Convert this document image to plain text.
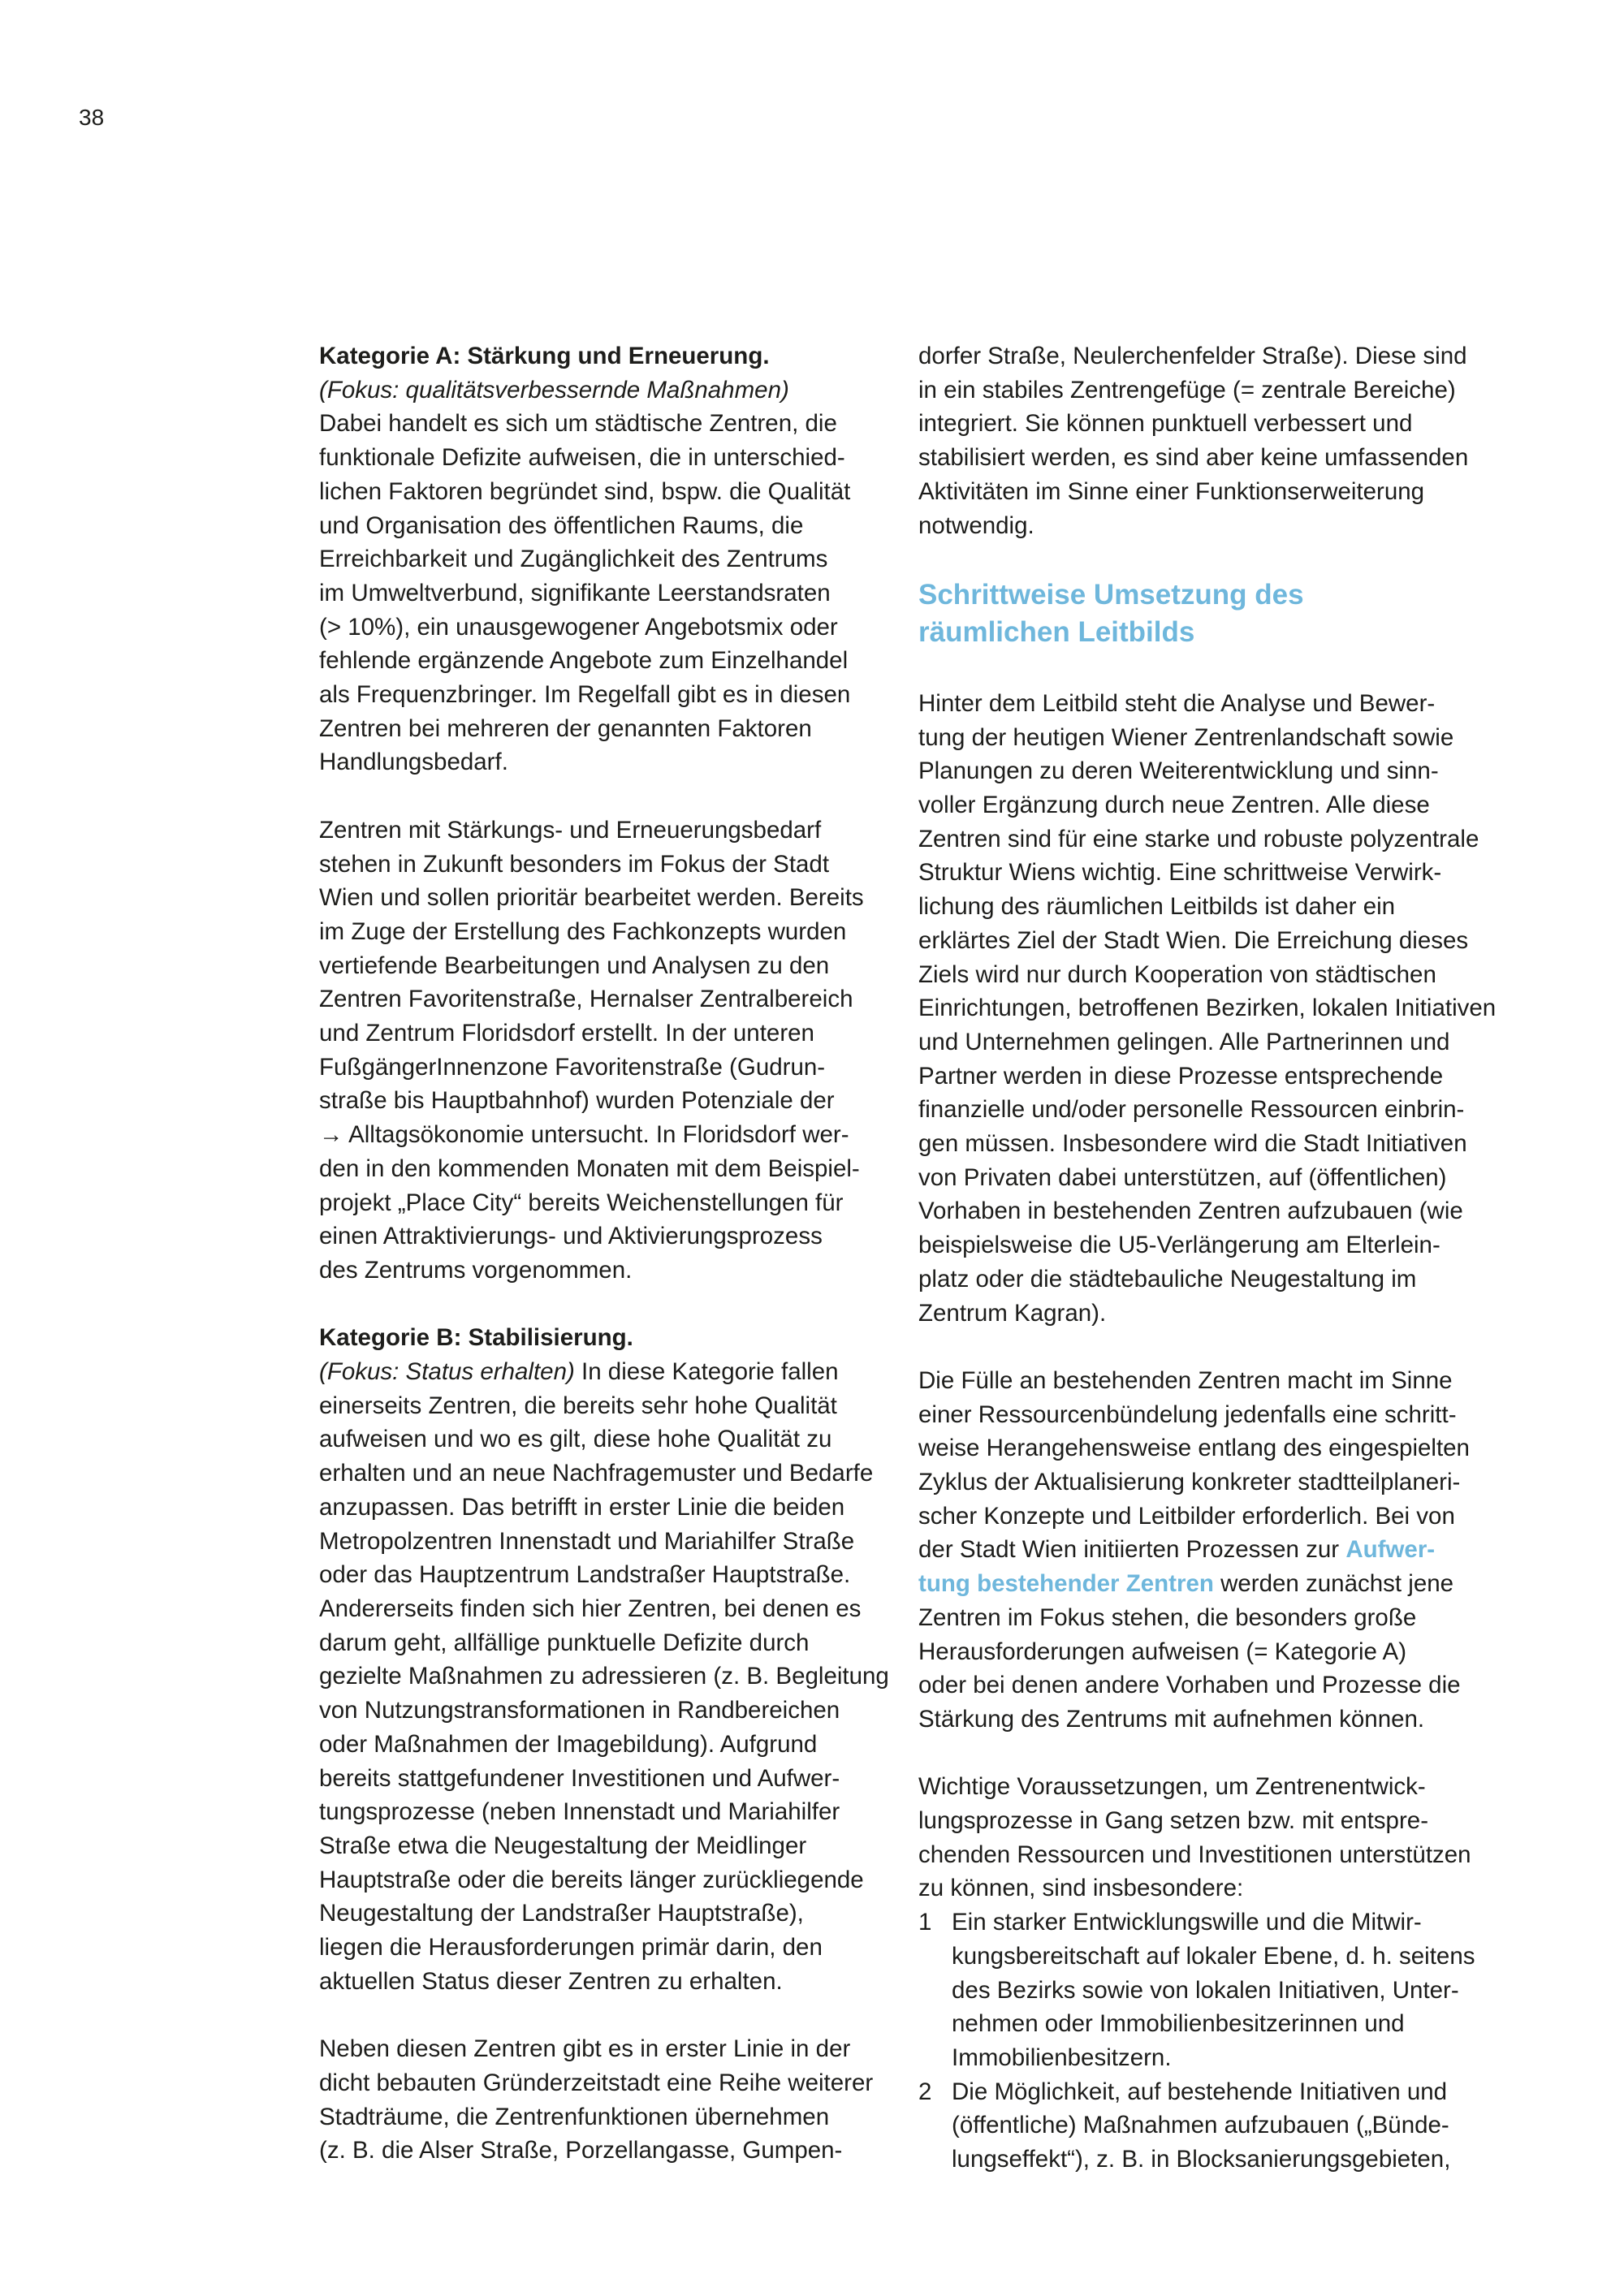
38

Kategorie A: Stärkung und Erneuerung.
(Fokus: qualitätsverbessernde Maßnahmen)
Dabei handelt es sich um städtische Zentren, die
funktionale Defizite aufweisen, die in unterschied-
lichen Faktoren begründet sind, bspw. die Qualität
und Organisation des öffentlichen Raums, die
Erreichbarkeit und Zugänglichkeit des Zentrums
im Umweltverbund, signifikante Leerstandsraten
(> 10%), ein unausgewogener Angebotsmix oder
fehlende ergänzende Angebote zum Einzelhandel
als Frequenzbringer. Im Regelfall gibt es in diesen
Zentren bei mehreren der genannten Faktoren
Handlungsbedarf.

Zentren mit Stärkungs- und Erneuerungsbedarf
stehen in Zukunft besonders im Fokus der Stadt
Wien und sollen prioritär bearbeitet werden. Bereits
im Zuge der Erstellung des Fachkonzepts wurden
vertiefende Bearbeitungen und Analysen zu den
Zentren Favoritenstraße, Hernalser Zentralbereich
und Zentrum Floridsdorf erstellt. In der unteren
FußgängerInnenzone Favoritenstraße (Gudrun-
straße bis Hauptbahnhof) wurden Potenziale der
→ Alltagsökonomie untersucht. In Floridsdorf wer-
den in den kommenden Monaten mit dem Beispiel-
projekt „Place City“ bereits Weichenstellungen für
einen Attraktivierungs- und Aktivierungsprozess
des Zentrums vorgenommen.

Kategorie B: Stabilisierung.
(Fokus: Status erhalten) In diese Kategorie fallen
einerseits Zentren, die bereits sehr hohe Qualität
aufweisen und wo es gilt, diese hohe Qualität zu
erhalten und an neue Nachfragemuster und Bedarfe
anzupassen. Das betrifft in erster Linie die beiden
Metropolzentren Innenstadt und Mariahilfer Straße
oder das Hauptzentrum Landstraßer Hauptstraße.
Andererseits finden sich hier Zentren, bei denen es
darum geht, allfällige punktuelle Defizite durch
gezielte Maßnahmen zu adressieren (z. B. Begleitung
von Nutzungstransformationen in Randbereichen
oder Maßnahmen der Imagebildung). Aufgrund
bereits stattgefundener Investitionen und Aufwer-
tungsprozesse (neben Innenstadt und Mariahilfer
Straße etwa die Neugestaltung der Meidlinger
Hauptstraße oder die bereits länger zurückliegende
Neugestaltung der Landstraßer Hauptstraße),
liegen die Herausforderungen primär darin, den
aktuellen Status dieser Zentren zu erhalten.

Neben diesen Zentren gibt es in erster Linie in der
dicht bebauten Gründerzeitstadt eine Reihe weiterer
Stadträume, die Zentrenfunktionen übernehmen
(z. B. die Alser Straße, Porzellangasse, Gumpen-

dorfer Straße, Neulerchenfelder Straße). Diese sind
in ein stabiles Zentrengefüge (= zentrale Bereiche)
integriert. Sie können punktuell verbessert und
stabilisiert werden, es sind aber keine umfassenden
Aktivitäten im Sinne einer Funktionserweiterung
notwendig.

Schrittweise Umsetzung des
räumlichen Leitbilds

Hinter dem Leitbild steht die Analyse und Bewer-
tung der heutigen Wiener Zentrenlandschaft sowie
Planungen zu deren Weiterentwicklung und sinn-
voller Ergänzung durch neue Zentren. Alle diese
Zentren sind für eine starke und robuste polyzentrale
Struktur Wiens wichtig. Eine schrittweise Verwirk-
lichung des räumlichen Leitbilds ist daher ein
erklärtes Ziel der Stadt Wien. Die Erreichung dieses
Ziels wird nur durch Kooperation von städtischen
Einrichtungen, betroffenen Bezirken, lokalen Initiativen
und Unternehmen gelingen. Alle Partnerinnen und
Partner werden in diese Prozesse entsprechende
finanzielle und/oder personelle Ressourcen einbrin-
gen müssen. Insbesondere wird die Stadt Initiativen
von Privaten dabei unterstützen, auf (öffentlichen)
Vorhaben in bestehenden Zentren aufzubauen (wie
beispielsweise die U5-Verlängerung am Elterlein-
platz oder die städtebauliche Neugestaltung im
Zentrum Kagran).

Die Fülle an bestehenden Zentren macht im Sinne
einer Ressourcenbündelung jedenfalls eine schritt-
weise Herangehensweise entlang des eingespielten
Zyklus der Aktualisierung konkreter stadtteilplaneri-
scher Konzepte und Leitbilder erforderlich. Bei von
der Stadt Wien initiierten Prozessen zur Aufwer-
tung bestehender Zentren werden zunächst jene
Zentren im Fokus stehen, die besonders große
Herausforderungen aufweisen (= Kategorie A)
oder bei denen andere Vorhaben und Prozesse die
Stärkung des Zentrums mit aufnehmen können.

Wichtige Voraussetzungen, um Zentrenentwick-
lungsprozesse in Gang setzen bzw. mit entspre-
chenden Ressourcen und Investitionen unterstützen
zu können, sind insbesondere:

1 Ein starker Entwicklungswille und die Mitwir-
kungsbereitschaft auf lokaler Ebene, d. h. seitens
des Bezirks sowie von lokalen Initiativen, Unter-
nehmen oder Immobilienbesitzerinnen und
Immobilienbesitzern.
2 Die Möglichkeit, auf bestehende Initiativen und
(öffentliche) Maßnahmen aufzubauen („Bünde-
lungseffekt“), z. B. in Blocksanierungsgebieten,
